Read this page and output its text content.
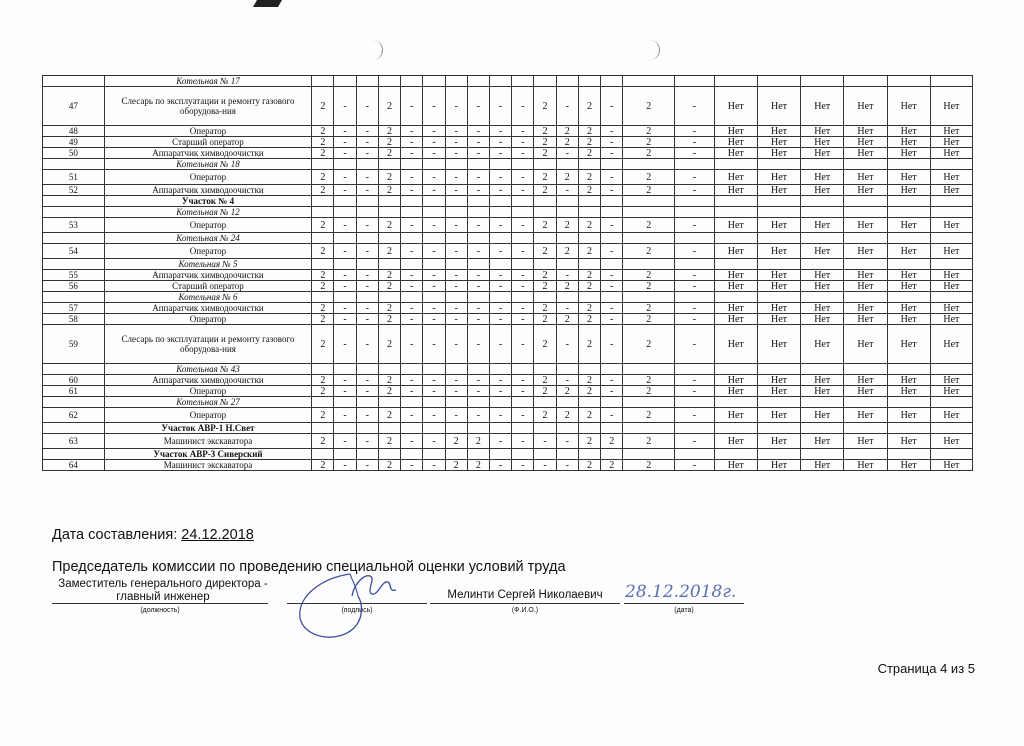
	Котельная № 17																						
47	Слесарь по эксплуатации и ремонту газового оборудова-ния	2	-	-	2	-	-	-	-	-	-	2	-	2	-	2	-	Нет	Нет	Нет	Нет	Нет	Нет
48	Оператор	2	-	-	2	-	-	-	-	-	-	2	2	2	-	2	-	Нет	Нет	Нет	Нет	Нет	Нет
49	Старший оператор	2	-	-	2	-	-	-	-	-	-	2	2	2	-	2	-	Нет	Нет	Нет	Нет	Нет	Нет
50	Аппаратчик химводоочистки	2	-	-	2	-	-	-	-	-	-	2	-	2	-	2	-	Нет	Нет	Нет	Нет	Нет	Нет
	Котельная № 18																						
51	Оператор	2	-	-	2	-	-	-	-	-	-	2	2	2	-	2	-	Нет	Нет	Нет	Нет	Нет	Нет
52	Аппаратчик химводоочистки	2	-	-	2	-	-	-	-	-	-	2	-	2	-	2	-	Нет	Нет	Нет	Нет	Нет	Нет
	Участок № 4																						
	Котельная № 12																						
53	Оператор	2	-	-	2	-	-	-	-	-	-	2	2	2	-	2	-	Нет	Нет	Нет	Нет	Нет	Нет
	Котельная № 24																						
54	Оператор	2	-	-	2	-	-	-	-	-	-	2	2	2	-	2	-	Нет	Нет	Нет	Нет	Нет	Нет
	Котельная № 5																						
55	Аппаратчик химводоочистки	2	-	-	2	-	-	-	-	-	-	2	-	2	-	2	-	Нет	Нет	Нет	Нет	Нет	Нет
56	Старший оператор	2	-	-	2	-	-	-	-	-	-	2	2	2	-	2	-	Нет	Нет	Нет	Нет	Нет	Нет
	Котельная № 6																						
57	Аппаратчик химводоочистки	2	-	-	2	-	-	-	-	-	-	2	-	2	-	2	-	Нет	Нет	Нет	Нет	Нет	Нет
58	Оператор	2	-	-	2	-	-	-	-	-	-	2	2	2	-	2	-	Нет	Нет	Нет	Нет	Нет	Нет
59	Слесарь по эксплуатации и ремонту газового оборудова-ния	2	-	-	2	-	-	-	-	-	-	2	-	2	-	2	-	Нет	Нет	Нет	Нет	Нет	Нет
	Котельная № 43																						
60	Аппаратчик химводоочистки	2	-	-	2	-	-	-	-	-	-	2	-	2	-	2	-	Нет	Нет	Нет	Нет	Нет	Нет
61	Оператор	2	-	-	2	-	-	-	-	-	-	2	2	2	-	2	-	Нет	Нет	Нет	Нет	Нет	Нет
	Котельная № 27																						
62	Оператор	2	-	-	2	-	-	-	-	-	-	2	2	2	-	2	-	Нет	Нет	Нет	Нет	Нет	Нет
	Участок АВР-1 Н.Свет																						
63	Машинист экскаватора	2	-	-	2	-	-	2	2	-	-	-	-	2	2	2	-	Нет	Нет	Нет	Нет	Нет	Нет
	Участок АВР-3 Сиверский																						
64	Машинист экскаватора	2	-	-	2	-	-	2	2	-	-	-	-	2	2	2	-	Нет	Нет	Нет	Нет	Нет	Нет
Дата составления: 24.12.2018
Председатель комиссии по проведению специальной оценки условий труда
Заместитель генерального директора - главный инженер
(должность)	(подпись)
Мелинти Сергей Николаевич
(Ф.И.О.)
28.12.2018г.
(дата)
Страница 4 из 5
